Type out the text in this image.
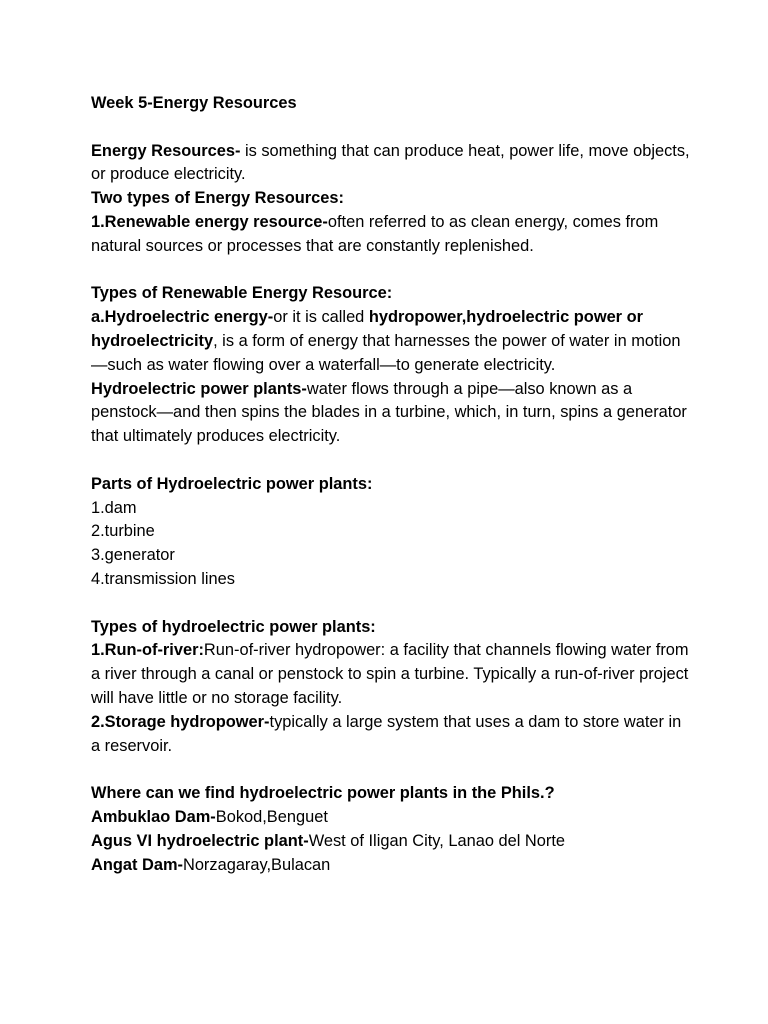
Week 5-Energy Resources

Energy Resources- is something that can produce heat, power life, move objects, or produce electricity.

Two types of Energy Resources:

1.Renewable energy resource-often referred to as clean energy, comes from natural sources or processes that are constantly replenished.

Types of Renewable Energy Resource:

a.Hydroelectric energy-or it is called hydropower,hydroelectric power or hydroelectricity, is a form of energy that harnesses the power of water in motion—such as water flowing over a waterfall—to generate electricity.

Hydroelectric power plants-water flows through a pipe—also known as a penstock—and then spins the blades in a turbine, which, in turn, spins a generator that ultimately produces electricity.

Parts of Hydroelectric power plants:

1.dam

2.turbine

3.generator

4.transmission lines

Types of hydroelectric power plants:

1.Run-of-river:Run-of-river hydropower: a facility that channels flowing water from a river through a canal or penstock to spin a turbine. Typically a run-of-river project will have little or no storage facility.

2.Storage hydropower-typically a large system that uses a dam to store water in a reservoir.

Where can we find hydroelectric power plants in the Phils.?

Ambuklao Dam-Bokod,Benguet

Agus VI hydroelectric plant-West of Iligan City, Lanao del Norte

Angat Dam-Norzagaray,Bulacan
